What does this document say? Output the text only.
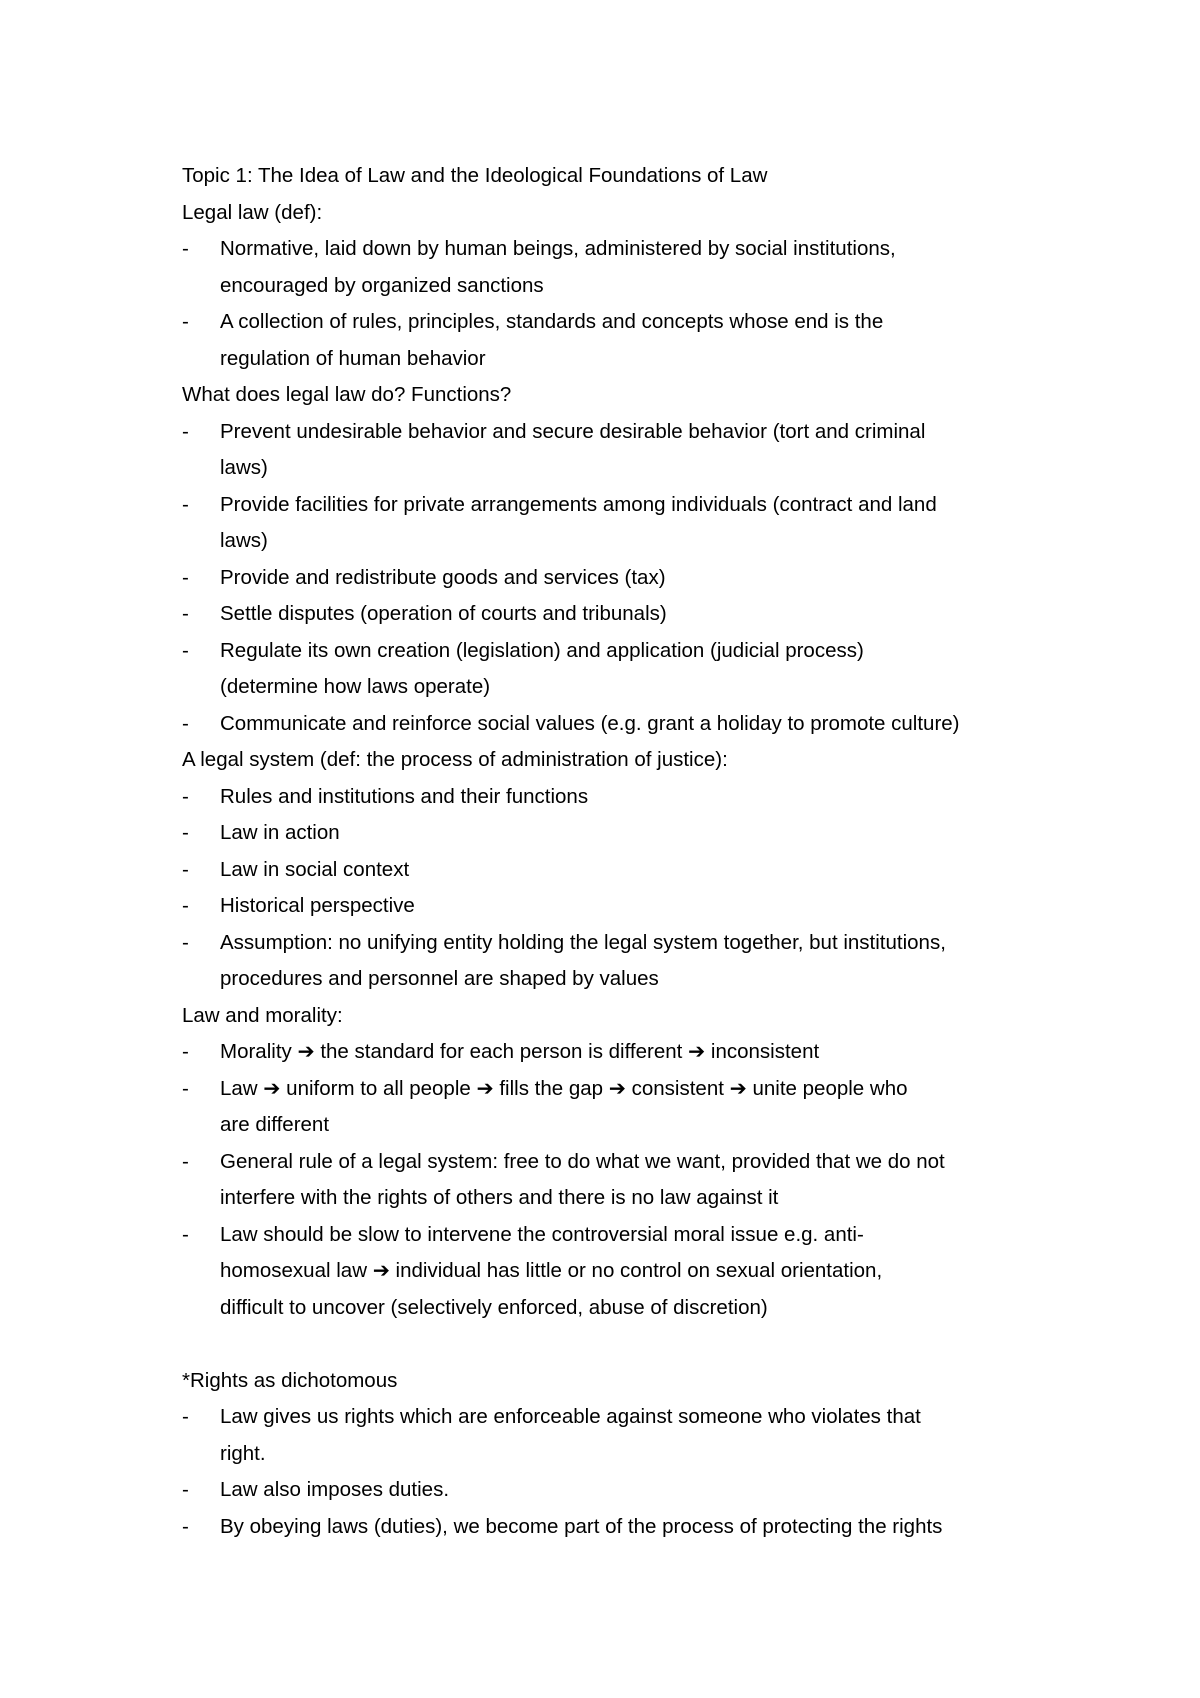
Topic 1: The Idea of Law and the Ideological Foundations of Law
Legal law (def):
- Normative, laid down by human beings, administered by social institutions,
encouraged by organized sanctions
- A collection of rules, principles, standards and concepts whose end is the
regulation of human behavior
What does legal law do? Functions?
- Prevent undesirable behavior and secure desirable behavior (tort and criminal
laws)
- Provide facilities for private arrangements among individuals (contract and land
laws)
- Provide and redistribute goods and services (tax)
- Settle disputes (operation of courts and tribunals)
- Regulate its own creation (legislation) and application (judicial process)
(determine how laws operate)
- Communicate and reinforce social values (e.g. grant a holiday to promote culture)
A legal system (def: the process of administration of justice):
- Rules and institutions and their functions
- Law in action
- Law in social context
- Historical perspective
- Assumption: no unifying entity holding the legal system together, but institutions,
procedures and personnel are shaped by values
Law and morality:
- Morality ➔ the standard for each person is different ➔ inconsistent
- Law ➔ uniform to all people ➔ fills the gap ➔ consistent ➔ unite people who
are different
- General rule of a legal system: free to do what we want, provided that we do not
interfere with the rights of others and there is no law against it
- Law should be slow to intervene the controversial moral issue e.g. anti-
homosexual law ➔ individual has little or no control on sexual orientation,
difficult to uncover (selectively enforced, abuse of discretion)
*Rights as dichotomous
- Law gives us rights which are enforceable against someone who violates that
right.
- Law also imposes duties.
- By obeying laws (duties), we become part of the process of protecting the rights
